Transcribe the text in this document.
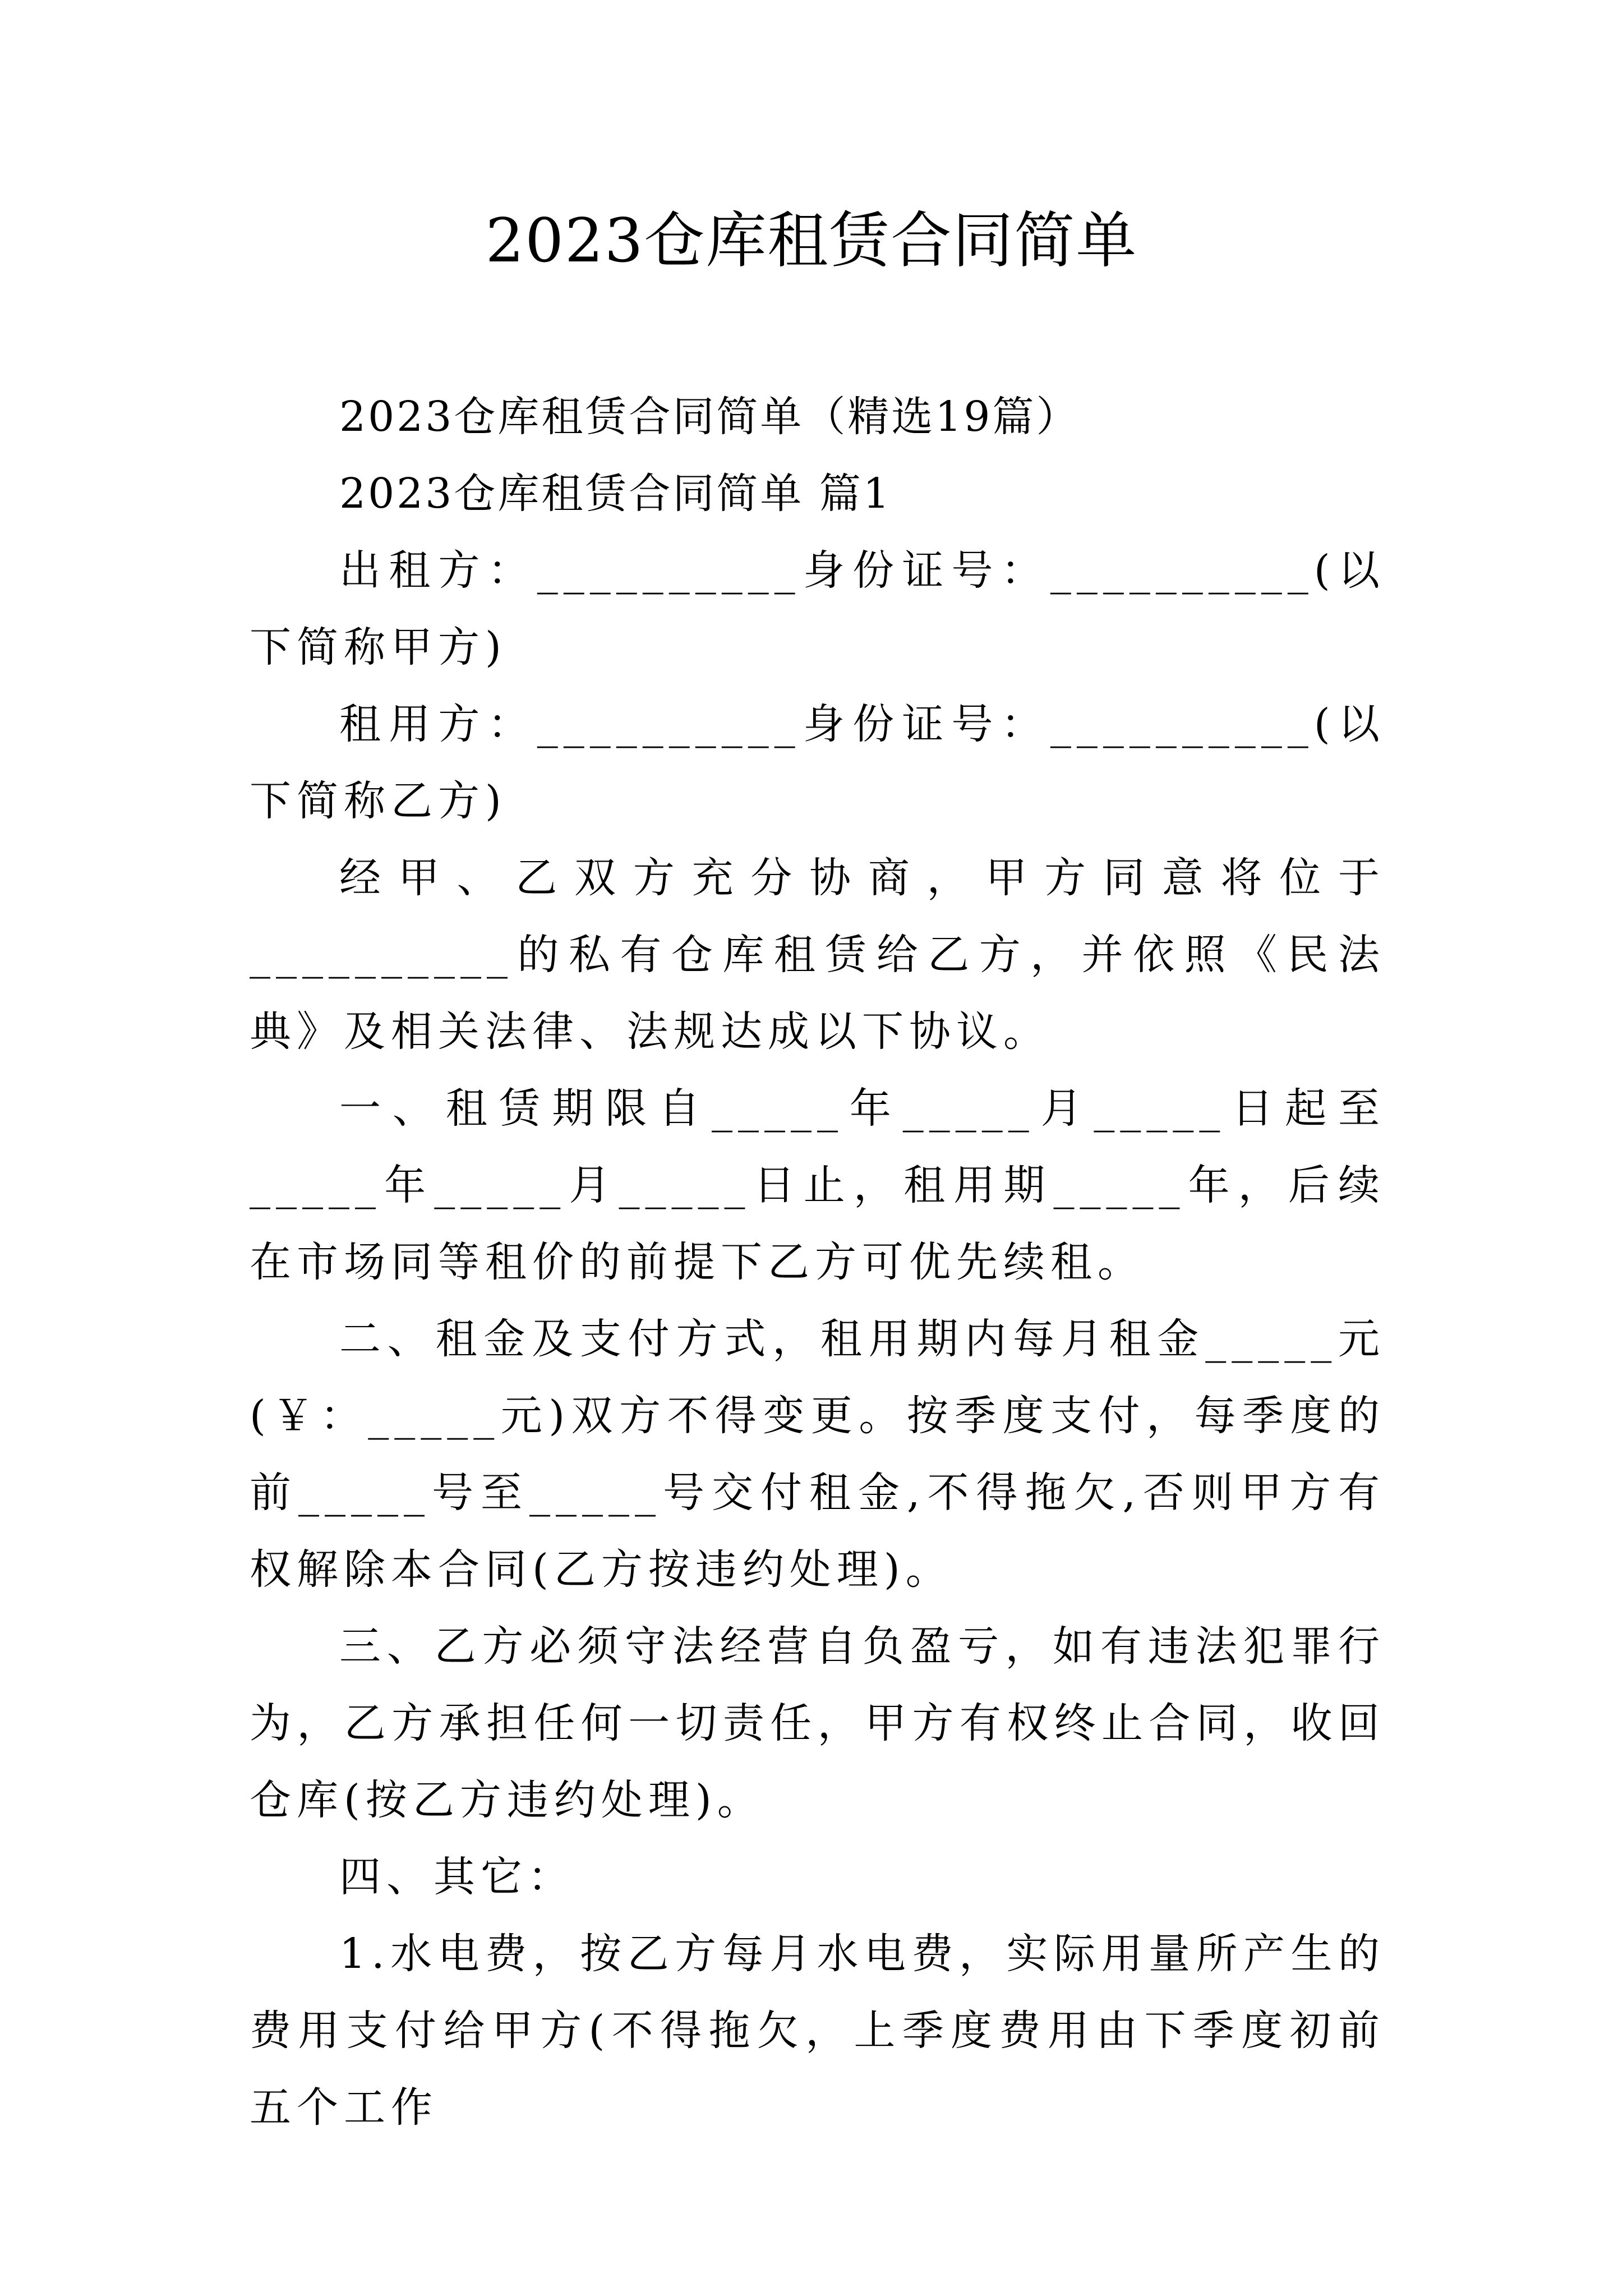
2023仓库租赁合同简单

2023仓库租赁合同简单（精选19篇）

2023仓库租赁合同简单 篇1

出租方：__________身份证号：__________(以下简称甲方)

租用方：__________身份证号：__________(以下简称乙方)

经甲、乙双方充分协商，甲方同意将位于__________的私有仓库租赁给乙方，并依照《民法典》及相关法律、法规达成以下协议。

一、租赁期限自_____年_____月_____日起至_____年_____月_____日止，租用期_____年，后续在市场同等租价的前提下乙方可优先续租。

二、租金及支付方式，租用期内每月租金_____元(￥：_____元)双方不得变更。按季度支付，每季度的前_____号至_____号交付租金,不得拖欠,否则甲方有权解除本合同(乙方按违约处理)。

三、乙方必须守法经营自负盈亏，如有违法犯罪行为，乙方承担任何一切责任，甲方有权终止合同，收回仓库(按乙方违约处理)。

四、其它：

1.水电费，按乙方每月水电费，实际用量所产生的费用支付给甲方(不得拖欠，上季度费用由下季度初前五个工作
